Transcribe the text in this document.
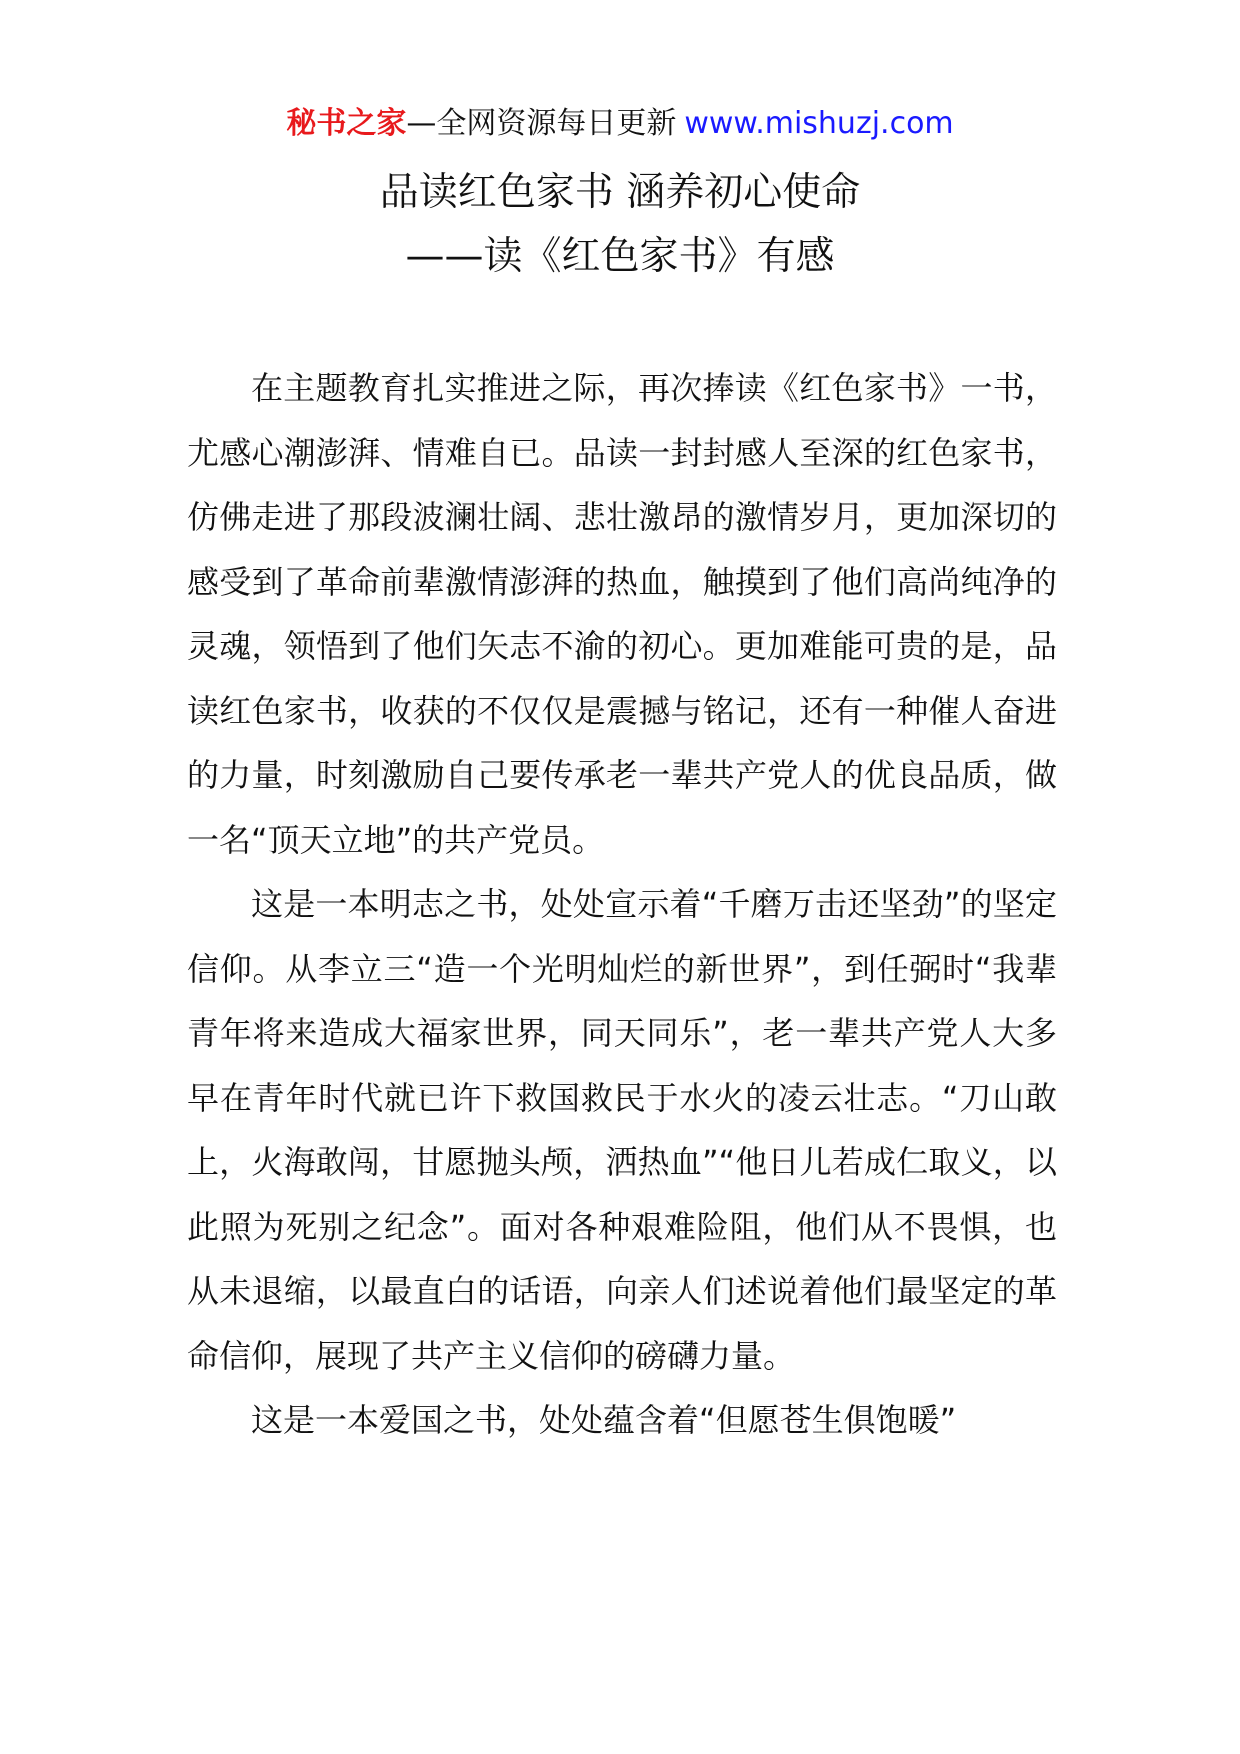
秘书之家—全网资源每日更新 www.mishuzj.com
品读红色家书 涵养初心使命
——读《红色家书》有感

在主题教育扎实推进之际，再次捧读《红色家书》一书，尤感心潮澎湃、情难自已。品读一封封感人至深的红色家书，仿佛走进了那段波澜壮阔、悲壮激昂的激情岁月，更加深切的感受到了革命前辈激情澎湃的热血，触摸到了他们高尚纯净的灵魂，领悟到了他们矢志不渝的初心。更加难能可贵的是，品读红色家书，收获的不仅仅是震撼与铭记，还有一种催人奋进的力量，时刻激励自己要传承老一辈共产党人的优良品质，做一名“顶天立地”的共产党员。

这是一本明志之书，处处宣示着“千磨万击还坚劲”的坚定信仰。从李立三“造一个光明灿烂的新世界”，到任弼时“我辈青年将来造成大福家世界，同天同乐”，老一辈共产党人大多早在青年时代就已许下救国救民于水火的凌云壮志。“刀山敢上，火海敢闯，甘愿抛头颅，洒热血”“他日儿若成仁取义，以此照为死别之纪念”。面对各种艰难险阻，他们从不畏惧，也从未退缩，以最直白的话语，向亲人们述说着他们最坚定的革命信仰，展现了共产主义信仰的磅礴力量。

这是一本爱国之书，处处蕴含着“但愿苍生俱饱暖”
